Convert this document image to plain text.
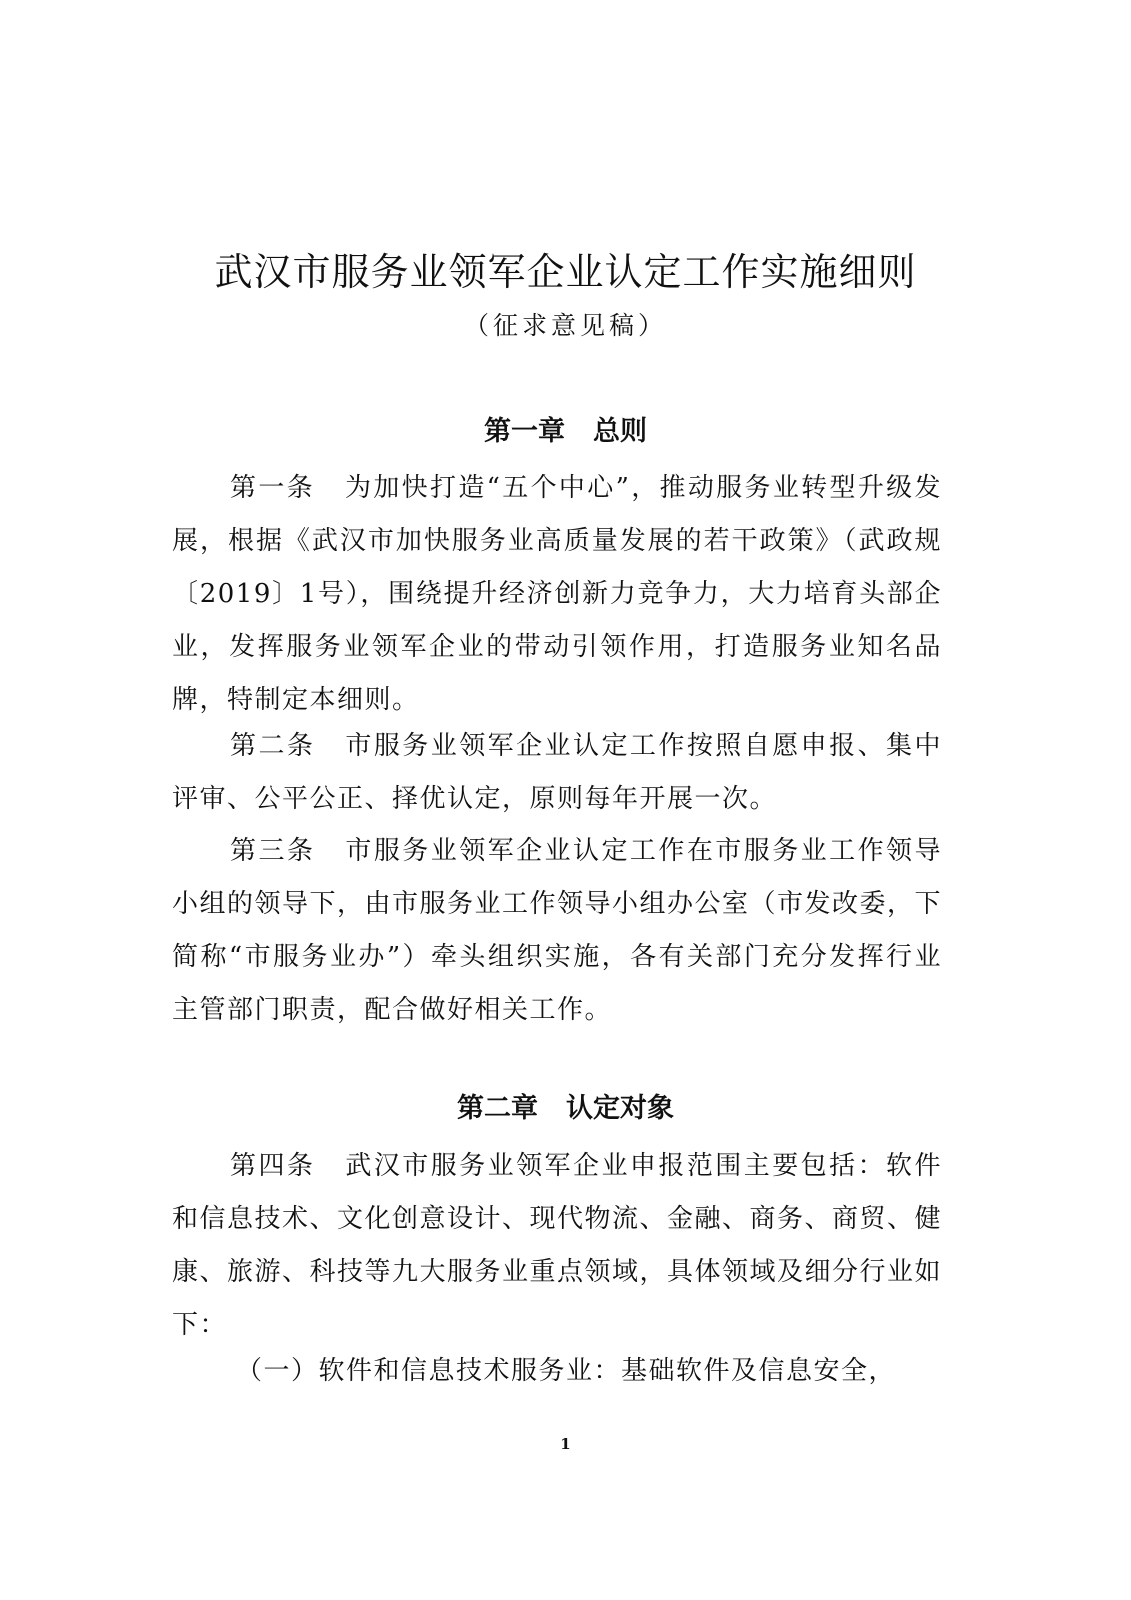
武汉市服务业领军企业认定工作实施细则
（征求意见稿）
第一章 总则

第一条 为加快打造“五个中心”，推动服务业转型升级发展，根据《武汉市加快服务业高质量发展的若干政策》（武政规〔2019〕1号），围绕提升经济创新力竞争力，大力培育头部企业，发挥服务业领军企业的带动引领作用，打造服务业知名品牌，特制定本细则。

第二条 市服务业领军企业认定工作按照自愿申报、集中评审、公平公正、择优认定，原则每年开展一次。

第三条 市服务业领军企业认定工作在市服务业工作领导小组的领导下，由市服务业工作领导小组办公室（市发改委，下简称“市服务业办”）牵头组织实施，各有关部门充分发挥行业主管部门职责，配合做好相关工作。

第二章 认定对象

第四条 武汉市服务业领军企业申报范围主要包括：软件和信息技术、文化创意设计、现代物流、金融、商务、商贸、健康、旅游、科技等九大服务业重点领域，具体领域及细分行业如下：

（一）软件和信息技术服务业：基础软件及信息安全，

1
